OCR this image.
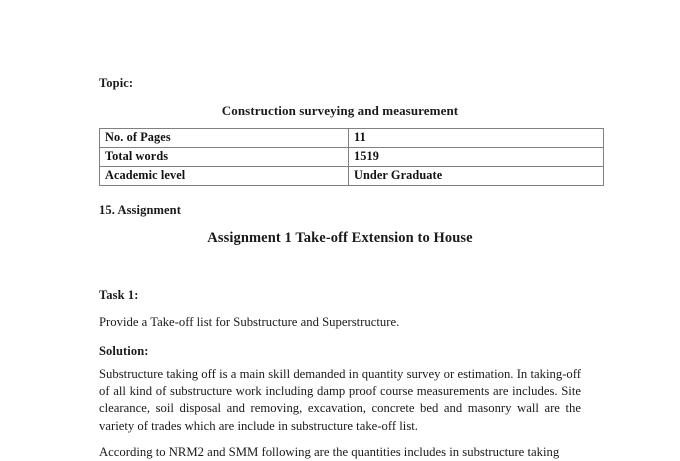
Topic:

Construction surveying and measurement

No. of Pages	11
Total words	1519
Academic level	Under Graduate

15. Assignment

Assignment 1 Take-off Extension to House

Task 1:

Provide a Take-off list for Substructure and Superstructure.

Solution:

Substructure taking off is a main skill demanded in quantity survey or estimation. In taking-off of all kind of substructure work including damp proof course measurements are includes. Site clearance, soil disposal and removing, excavation, concrete bed and masonry wall are the variety of trades which are include in substructure take-off list.

According to NRM2 and SMM following are the quantities includes in substructure taking
